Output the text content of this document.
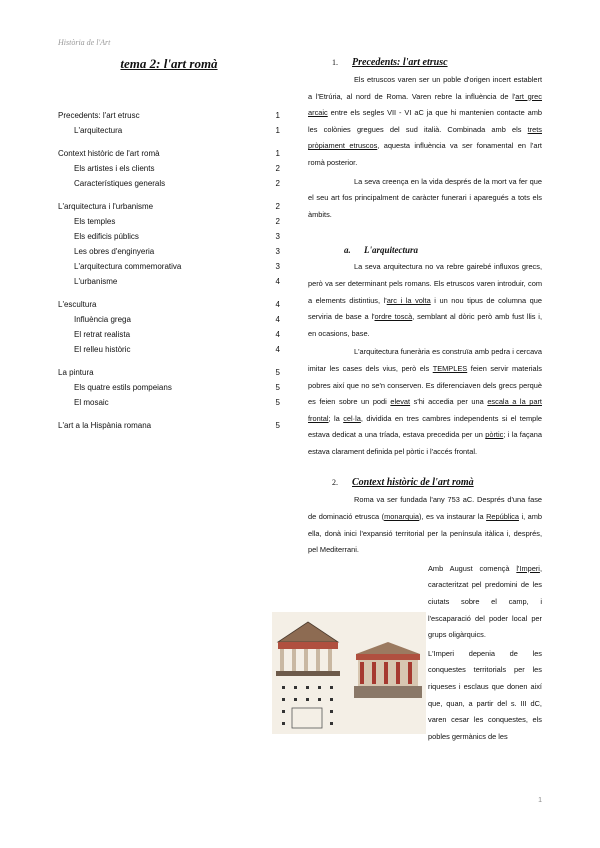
Història de l'Art
tema 2: l'art romà
Precedents: l'art etrusc	1
L'arquitectura	1
Context històric de l'art romà	1
Els artistes i els clients	2
Característiques generals	2
L'arquitectura i l'urbanisme	2
Els temples	2
Els edificis públics	3
Les obres d'enginyeria	3
L'arquitectura commemorativa	3
L'urbanisme	4
L'escultura	4
Influència grega	4
El retrat realista	4
El relleu històric	4
La pintura	5
Els quatre estils pompeians	5
El mosaic	5
L'art a la Hispània romana	5
1. Precedents: l'art etrusc

Els etruscos varen ser un poble d'origen incert establert a l'Etrúria, al nord de Roma. Varen rebre la influència de l'art grec arcaic entre els segles VII - VI aC ja que hi mantenien contacte amb les colònies gregues del sud italià. Combinada amb els trets pròpiament etruscos, aquesta influència va ser fonamental en l'art romà posterior.

La seva creença en la vida després de la mort va fer que el seu art fos principalment de caràcter funerari i aparegués a tots els àmbits.

a. L'arquitectura

La seva arquitectura no va rebre gairebé influxos grecs, però va ser determinant pels romans. Els etruscos varen introduir, com a elements distintius, l'arc i la volta i un nou tipus de columna que serviria de base a l'ordre toscà, semblant al dòric però amb fust llis i, en ocasions, base.

L'arquitectura funerària es construïa amb pedra i cercava imitar les cases dels vius, però els TEMPLES feien servir materials pobres així que no se'n conserven. Es diferenciaven dels grecs perquè es feien sobre un podi elevat s'hi accedia per una escala a la part frontal; la cel·la, dividida en tres cambres independents si el temple estava dedicat a una tríada, estava precedida per un pòrtic; i la façana estava clarament definida pel pòrtic i l'accés frontal.

2. Context històric de l'art romà

Roma va ser fundada l'any 753 aC. Després d'una fase de dominació etrusca (monarquia), es va instaurar la República i, amb ella, donà inici l'expansió territorial per la península itàlica i, després, pel Mediterrani.

Amb August començà l'Imperi, caracteritzat pel predomini de les ciutats sobre el camp, i l'escaparació del poder local per grups oligàrquics.

L'Imperi depenia de les conquestes territorials per les riqueses i esclaus que donen així que, quan, a partir del s. III dC, varen cesar les conquestes, els pobles germànics de les

1
